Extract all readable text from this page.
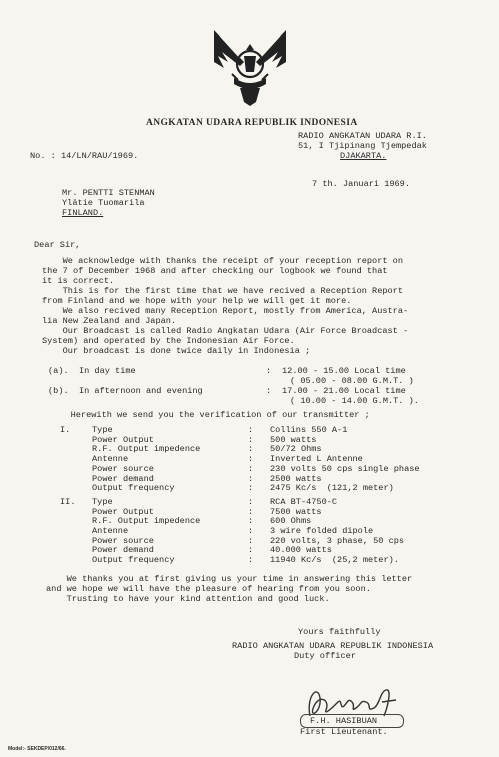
ANGKATAN UDARA REPUBLIK INDONESIA
RADIO ANGKATAN UDARA R.I.
51, I Tjipinang Tjempedak
DJAKARTA.
No. : 14/LN/RAU/1969.
7 th. Januari 1969.
Mr. PENTTI STENMAN
Ylätie Tuomarila
FINLAND.
Dear Sir,
We acknowledge with thanks the receipt of your reception report on
the 7 of December 1968 and after checking our logbook we found that
it is correct.
This is for the first time that we have recived a Reception Report
from Finland and we hope with your help we will get it more.
We also recived many Reception Report, mostly from America, Austra-
lia New Zealand and Japan.
Our Broadcast is called Radio Angkatan Udara (Air Force Broadcast -
System) and operated by the Indonesian Air Force.
Our broadcast is done twice daily in Indonesia ;
(a).  In day time	: 12.00 - 15.00 Local time
( 05.00 - 08.00 G.M.T. )
(b).  In afternoon and evening	: 17.00 - 21.00 Local time
( 10.00 - 14.00 G.M.T. ).
Herewith we send you the verification of our transmitter ;
I.	Type	: Collins 550 A-1
Power Output	: 500 watts
R.F. Output impedence	: 50/72 Ohms
Antenne	: Inverted L Antenne
Power source	: 230 volts 50 cps single phase
Power demand	: 2500 watts
Output frequency	: 2475 Kc/s  (121,2 meter)
II. Type	: RCA BT-4750-C
Power Output	: 7500 watts
R.F. Output impedence	: 600 Ohms
Antenne	: 3 wire folded dipole
Power source	: 220 volts, 3 phase, 50 cps
Power demand	: 40.000 watts
Output frequency	: 11940 Kc/s  (25,2 meter).
We thanks you at first giving us your time in answering this letter
and we hope we will have the pleasure of hearing from you soon.
Trusting to have your kind attention and good luck.
Yours faithfully
RADIO ANGKATAN UDARA REPUBLIK INDONESIA
Duty officer
F.H. HASIBUAN
First Lieutenant.
Model:- SEKDEP/012/66.
